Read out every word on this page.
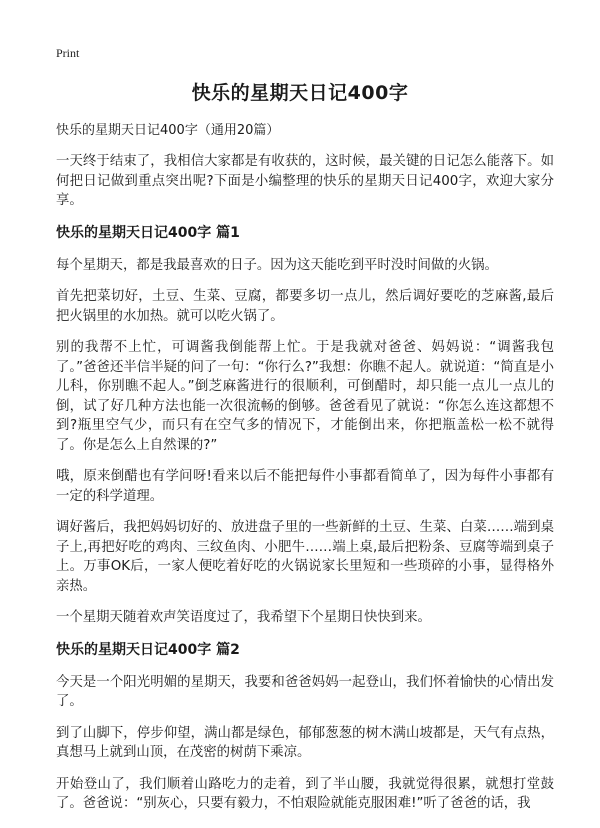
Print
快乐的星期天日记400字

快乐的星期天日记400字（通用20篇）

一天终于结束了，我相信大家都是有收获的，这时候，最关键的日记怎么能落下。如何把日记做到重点突出呢?下面是小编整理的快乐的星期天日记400字，欢迎大家分享。

快乐的星期天日记400字 篇1

每个星期天，都是我最喜欢的日子。因为这天能吃到平时没时间做的火锅。

首先把菜切好，土豆、生菜、豆腐，都要多切一点儿，然后调好要吃的芝麻酱,最后把火锅里的水加热。就可以吃火锅了。

别的我帮不上忙，可调酱我倒能帮上忙。于是我就对爸爸、妈妈说：“调酱我包了。”爸爸还半信半疑的问了一句：“你行么?”我想：你瞧不起人。就说道：“简直是小儿科，你别瞧不起人。”倒芝麻酱进行的很顺利，可倒醋时，却只能一点儿一点儿的倒，试了好几种方法也能一次很流畅的倒够。爸爸看见了就说：“你怎么连这都想不到?瓶里空气少，而只有在空气多的情况下，才能倒出来，你把瓶盖松一松不就得了。你是怎么上自然课的?”

哦，原来倒醋也有学问呀!看来以后不能把每件小事都看简单了，因为每件小事都有一定的科学道理。

调好酱后，我把妈妈切好的、放进盘子里的一些新鲜的土豆、生菜、白菜……端到桌子上,再把好吃的鸡肉、三纹鱼肉、小肥牛……端上桌,最后把粉条、豆腐等端到桌子上。万事OK后，一家人便吃着好吃的火锅说家长里短和一些琐碎的小事，显得格外亲热。

一个星期天随着欢声笑语度过了，我希望下个星期日快快到来。

快乐的星期天日记400字 篇2

今天是一个阳光明媚的星期天，我要和爸爸妈妈一起登山，我们怀着愉快的心情出发了。

到了山脚下，停步仰望，满山都是绿色，郁郁葱葱的树木满山坡都是，天气有点热，真想马上就到山顶，在茂密的树荫下乘凉。

开始登山了，我们顺着山路吃力的走着，到了半山腰，我就觉得很累，就想打堂鼓了。爸爸说：“别灰心，只要有毅力，不怕艰险就能克服困难!”听了爸爸的话，我
